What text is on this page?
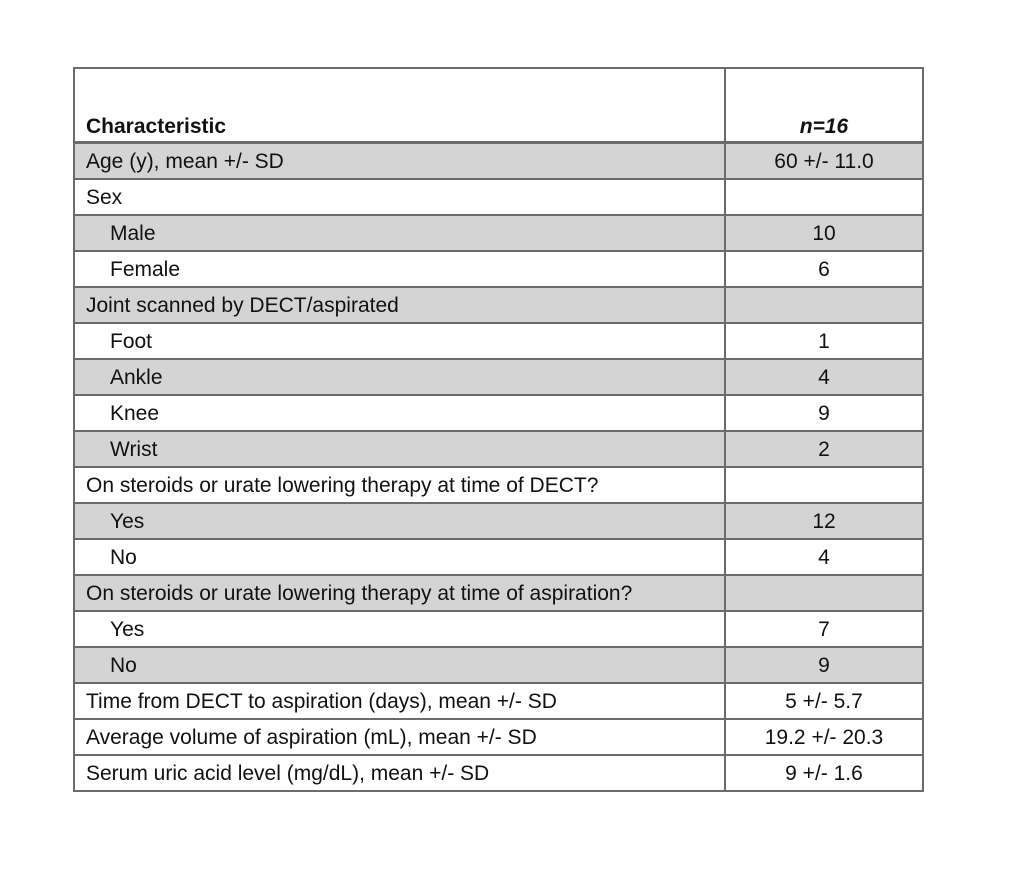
Characteristic	n=16
Age (y), mean +/- SD	60 +/- 11.0
Sex	
Male	10
Female	6
Joint scanned by DECT/aspirated	
Foot	1
Ankle	4
Knee	9
Wrist	2
On steroids or urate lowering therapy at time of DECT?	
Yes	12
No	4
On steroids or urate lowering therapy at time of aspiration?	
Yes	7
No	9
Time from DECT to aspiration (days), mean +/- SD	5 +/- 5.7
Average volume of aspiration (mL), mean +/- SD	19.2 +/- 20.3
Serum uric acid level (mg/dL), mean +/- SD	9 +/- 1.6
